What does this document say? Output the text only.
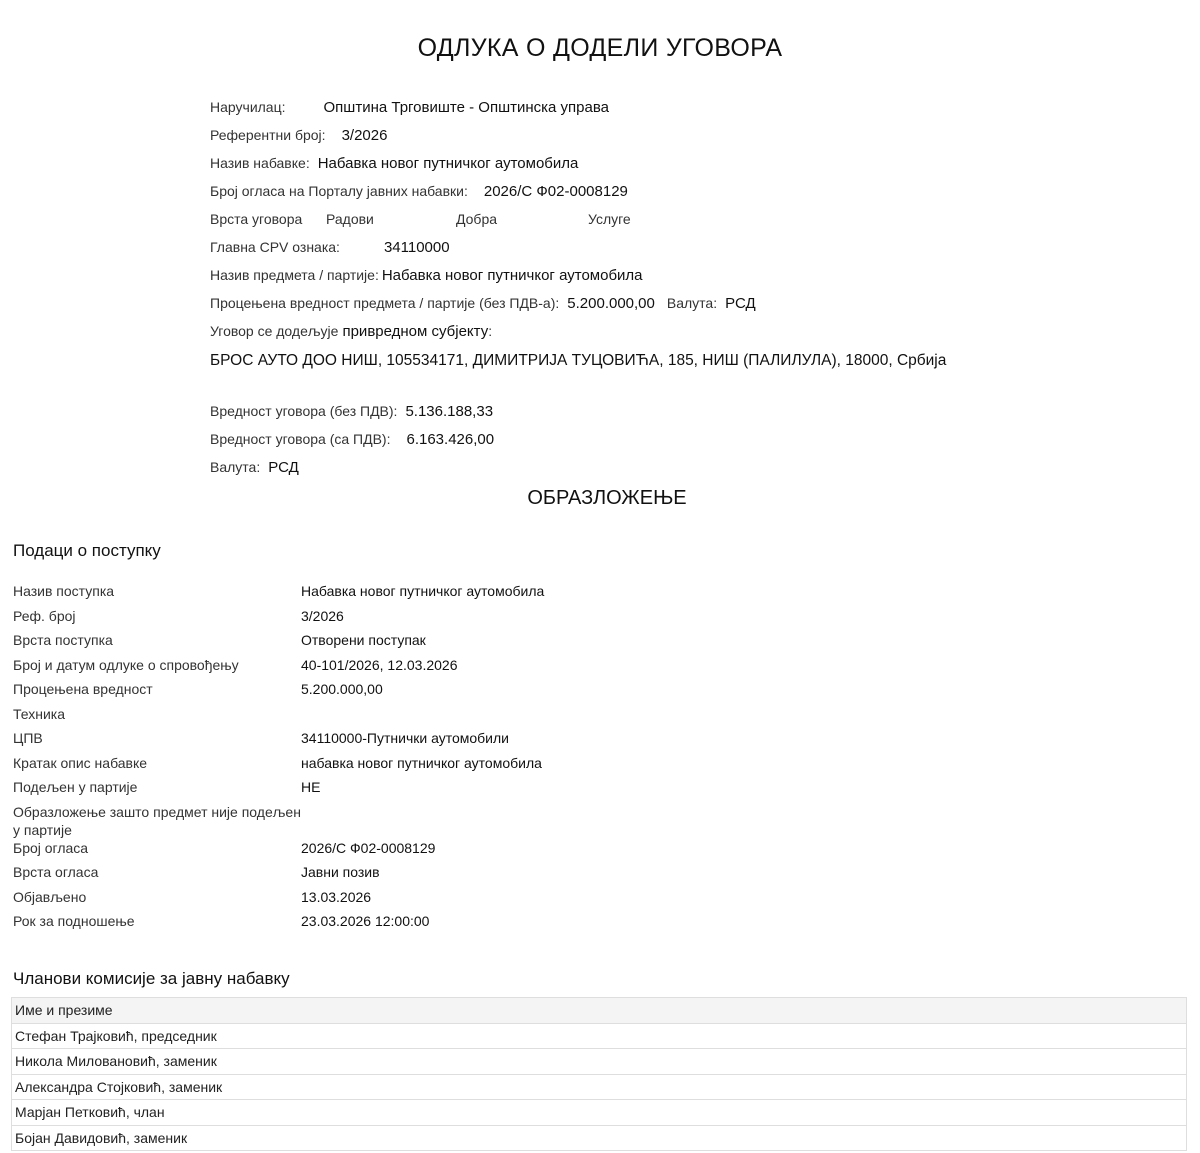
ОДЛУКА О ДОДЕЛИ УГОВОРА
Наручилац:	Општина Трговиште - Општинска управа
Референтни број: 3/2026
Назив набавке: Набавка новог путничког аутомобила
Број огласа на Порталу јавних набавки: 2026/С Ф02-0008129
Врста уговора	Радови	Добра	Услуге
Главна CPV ознака:	34110000
Назив предмета / партије: Набавка новог путничког аутомобила
Процењена вредност предмета / партије (без ПДВ-а): 5.200.000,00 Валута: РСД
Уговор се додељује привредном субјекту :
БРОС АУТО ДОО НИШ, 105534171, ДИМИТРИЈА ТУЦОВИЋА, 185, НИШ (ПАЛИЛУЛА), 18000, Србија
Вредност уговора (без ПДВ): 5.136.188,33
Вредност уговора (са ПДВ): 6.163.426,00
Валута: РСД
ОБРАЗЛОЖЕЊЕ
Подаци о поступку
Назив поступка	Набавка новог путничког аутомобила
Реф. број	3/2026
Врста поступка	Отворени поступак
Број и датум одлуке о спровођењу	40-101/2026, 12.03.2026
Процењена вредност	5.200.000,00
Техника
ЦПВ	34110000-Путнички аутомобили
Кратак опис набавке	набавка новог путничког аутомобила
Подељен у партије	НЕ
Образложење зашто предмет није подељен у партије
Број огласа	2026/С Ф02-0008129
Врста огласа	Јавни позив
Објављено	13.03.2026
Рок за подношење	23.03.2026 12:00:00
Чланови комисије за јавну набавку
Име и презиме
Стефан Трајковић, председник
Никола Миловановић, заменик
Александра Стојковић, заменик
Марјан Петковић, члан
Бојан Давидовић, заменик
